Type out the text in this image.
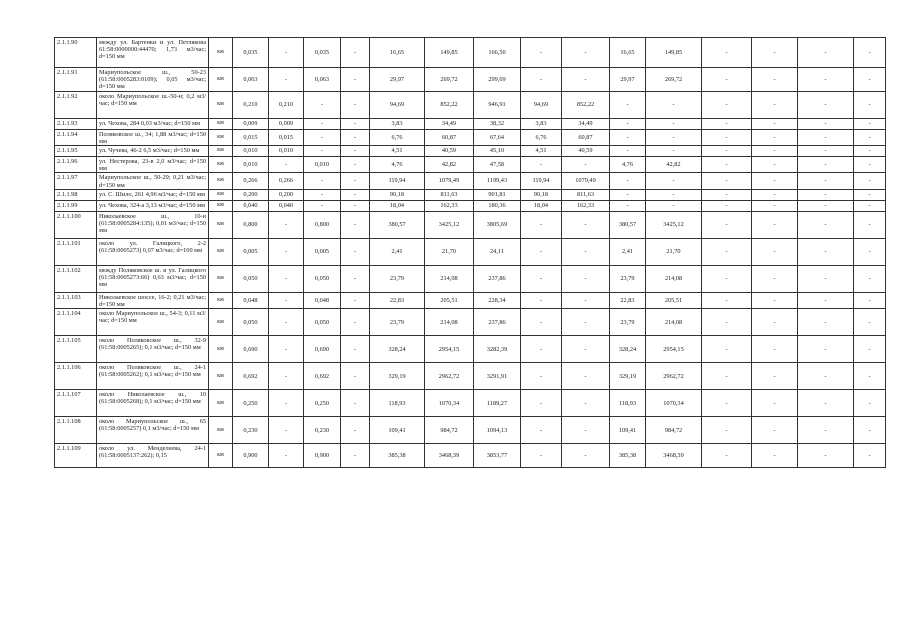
2.1.1.90	между ул. Бартенки и ул. Петлякова 61:58:0000000:44470; 1,73 м3/час; d=150 мм	км	0,035	-	0,035	-	16,65	149,85	166,50	-	-	16,65	149,85	-	-	-	-
2.1.1.91	Мариупольское ш., 50-23 (61:58:0005283:0109); 0,05 м3/час; d=150 мм	км	0,063	-	0,063	-	29,97	269,72	299,69	-	-	29,97	269,72	-	-	-	-
2.1.1.92	около Мариупольское ш.-50-н; 0,2 м3/час; d=150 мм	км	0,210	0,210	-	-	94,69	852,22	946,91	94,69	852,22	-	-	-	-	-	-
2.1.1.93	ул. Чехова, 284 0,03 м3/час; d=150 мм	км	0,009	0,009	-	-	3,83	34,49	38,32	3,83	34,49	-	-	-	-	-	-
2.1.1.94	Поляковское ш., 34; 1,88 м3/час; d=150 мм	км	0,015	0,015	-	-	6,76	60,87	67,64	6,76	60,87	-	-	-	-	-	-
2.1.1.95	ул. Чучева, 46-2 6,5 м3/час; d=150 мм	км	0,010	0,010	-	-	4,51	40,59	45,10	4,51	40,59	-	-	-	-	-	-
2.1.1.96	ул. Нестерова, 23-в 2,0 м3/час; d=150 мм	км	0,010	-	0,010	-	4,76	42,82	47,58	-	-	4,76	42,82	-	-	-	-
2.1.1.97	Мариупольское ш., 50-29; 0,21 м3/час; d=150 мм	км	0,266	0,266	-	-	119,94	1079,49	1199,43	119,94	1079,49	-	-	-	-	-	-
2.1.1.98	ул. С. Шило, 261 4,96 м3/час; d=150 мм	км	0,200	0,200	-	-	90,18	811,63	901,81	90,18	811,63	-	-	-	-	-	-
2.1.1.99	ул. Чехова, 324-а 3,13 м3/час; d=150 мм	км	0,040	0,040	-	-	18,04	162,33	180,36	18,04	162,33	-	-	-	-	-	-
2.1.1.100	Николаевское ш., 10-и (61:58:0005284:135); 0,01 м3/час; d=150 мм	км	0,800	-	0,800	-	380,57	3425,12	3805,69	-	-	380,57	3425,12	-	-	-	-
2.1.1.101	около ул. Галицкого, 2-2 (61:58:0005273) 0,07 м3/час; d=100 мм	км	0,005	-	0,005	-	2,41	21,70	24,11	-	-	2,41	21,70	-	-	-	-
2.1.1.102	между Поляковское ш. и ул. Галицкого (61:58:0005273:66) 0,63 м3/час; d=150 мм	км	0,050	-	0,050	-	23,79	214,08	237,86	-	-	23,79	214,08	-	-	-	-
2.1.1.103	Николаевское шоссе, 16-2; 0,21 м3/час; d=150 мм	км	0,048	-	0,048	-	22,83	205,51	228,34	-	-	22,83	205,51	-	-	-	-
2.1.1.104	около Мариупольское ш., 54-3; 0,11 м3/час; d=150 мм	км	0,050	-	0,050	-	23,79	214,08	237,86	-	-	23,79	214,08	-	-	-	-
2.1.1.105	около Поляковское ш., 32-9 (61:58:0005265); 0,1 м3/час; d=150 мм	км	0,690	-	0,690	-	328,24	2954,15	3282,39	-	-	328,24	2954,15	-	-	-	-
2.1.1.106	около Поляковское ш., 24-1 (61:58:0005262); 0,1 м3/час; d=150 мм	км	0,692	-	0,692	-	329,19	2962,72	3291,91	-	-	329,19	2962,72	-	-	-	-
2.1.1.107	около Николаевское ш., 10 (61:58:0005268); 0,1 м3/час; d=150 мм	км	0,250	-	0,250	-	118,93	1070,34	1189,27	-	-	118,93	1070,34	-	-	-	-
2.1.1.108	около Мариупольское ш., 65 (61:58:0005257) 0,1 м3/час; d=150 мм	км	0,230	-	0,230	-	109,41	984,72	1094,13	-	-	109,41	984,72	-	-	-	-
2.1.1.109	около ул. Менделеева, 24-1 (61:58:0005137:262); 0,15	км	0,900	-	0,900	-	385,38	3468,39	3853,77	-	-	385,38	3468,39	-	-	-	-
